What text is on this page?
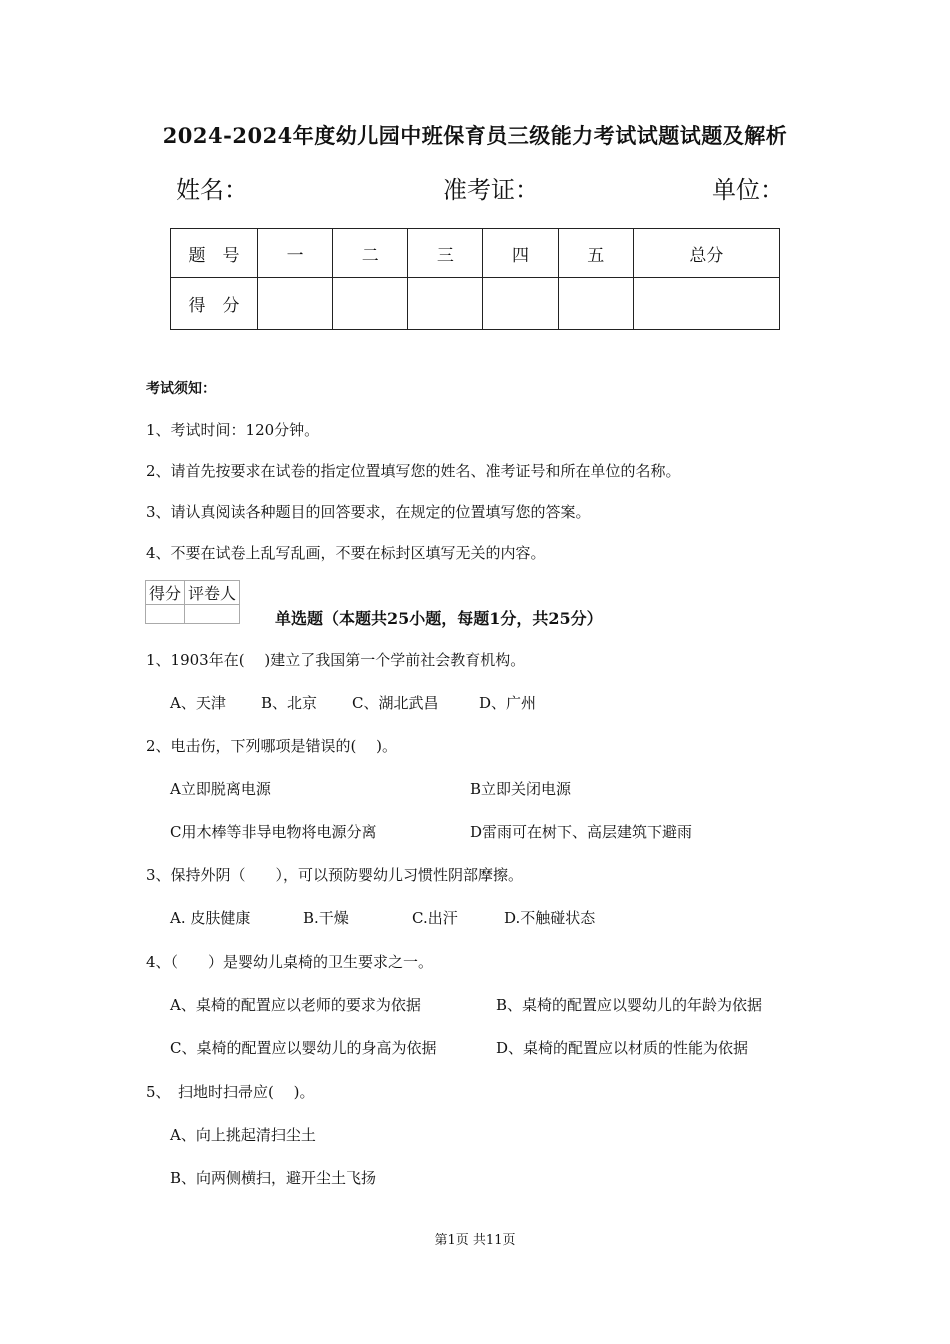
2024-2024年度幼儿园中班保育员三级能力考试试题试题及解析
姓名：	准考证：	单位：
题　号	一	二	三	四	五	总分
得　分						
考试须知：
1、考试时间：120分钟。
2、请首先按要求在试卷的指定位置填写您的姓名、准考证号和所在单位的名称。
3、请认真阅读各种题目的回答要求，在规定的位置填写您的答案。
4、不要在试卷上乱写乱画，不要在标封区填写无关的内容。
得分	评卷人

单选题（本题共25小题，每题1分，共25分）
1、1903年在(　 )建立了我国第一个学前社会教育机构。
A、天津 B、北京 C、湖北武昌	D、广州
2、电击伤，下列哪项是错误的(　 )。
A立即脱离电源	B立即关闭电源
C用木棒等非导电物将电源分离	D雷雨可在树下、高层建筑下避雨
3、保持外阴（　　），可以预防婴幼儿习惯性阴部摩擦。
A. 皮肤健康	B.干燥	C.出汗	D.不触碰状态
4、（　　）是婴幼儿桌椅的卫生要求之一。
A、桌椅的配置应以老师的要求为依据	B、桌椅的配置应以婴幼儿的年龄为依据
C、桌椅的配置应以婴幼儿的身高为依据	D、桌椅的配置应以材质的性能为依据
5、　扫地时扫帚应(　 )。
A、向上挑起清扫尘土
B、向两侧横扫，避开尘土飞扬
第1页 共11页
